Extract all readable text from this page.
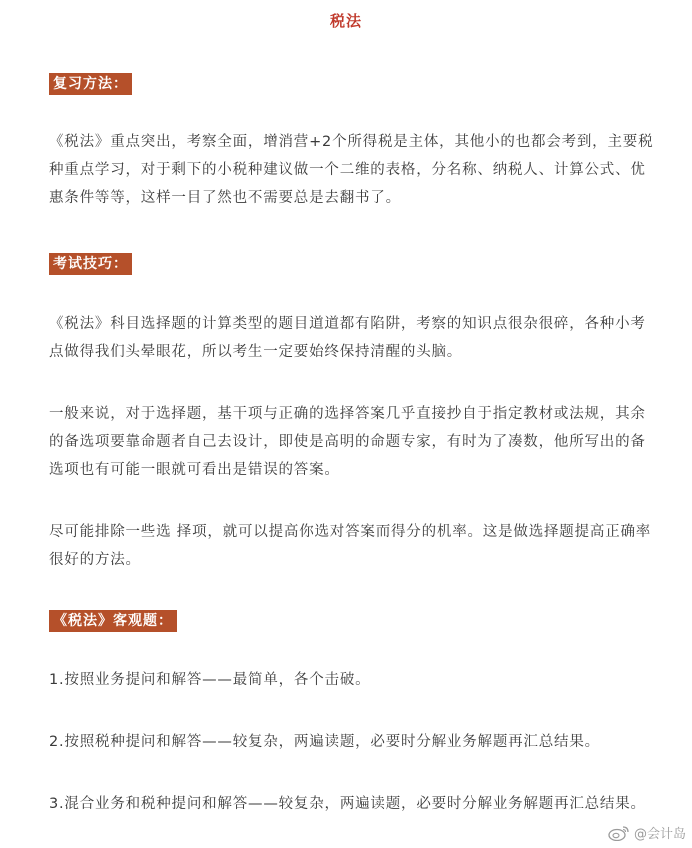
税法
复习方法：

《税法》重点突出，考察全面，增消营+2个所得税是主体，其他小的也都会考到，主要税种重点学习，对于剩下的小税种建议做一个二维的表格，分名称、纳税人、计算公式、优惠条件等等，这样一目了然也不需要总是去翻书了。

考试技巧：

《税法》科目选择题的计算类型的题目道道都有陷阱，考察的知识点很杂很碎，各种小考点做得我们头晕眼花，所以考生一定要始终保持清醒的头脑。

一般来说，对于选择题，基干项与正确的选择答案几乎直接抄自于指定教材或法规，其余的备选项要靠命题者自己去设计，即使是高明的命题专家，有时为了凑数，他所写出的备选项也有可能一眼就可看出是错误的答案。

尽可能排除一些选 择项，就可以提高你选对答案而得分的机率。这是做选择题提高正确率很好的方法。

《税法》客观题：

1.按照业务提问和解答——最简单，各个击破。

2.按照税种提问和解答——较复杂，两遍读题，必要时分解业务解题再汇总结果。

3.混合业务和税种提问和解答——较复杂，两遍读题，必要时分解业务解题再汇总结果。

@会计岛
